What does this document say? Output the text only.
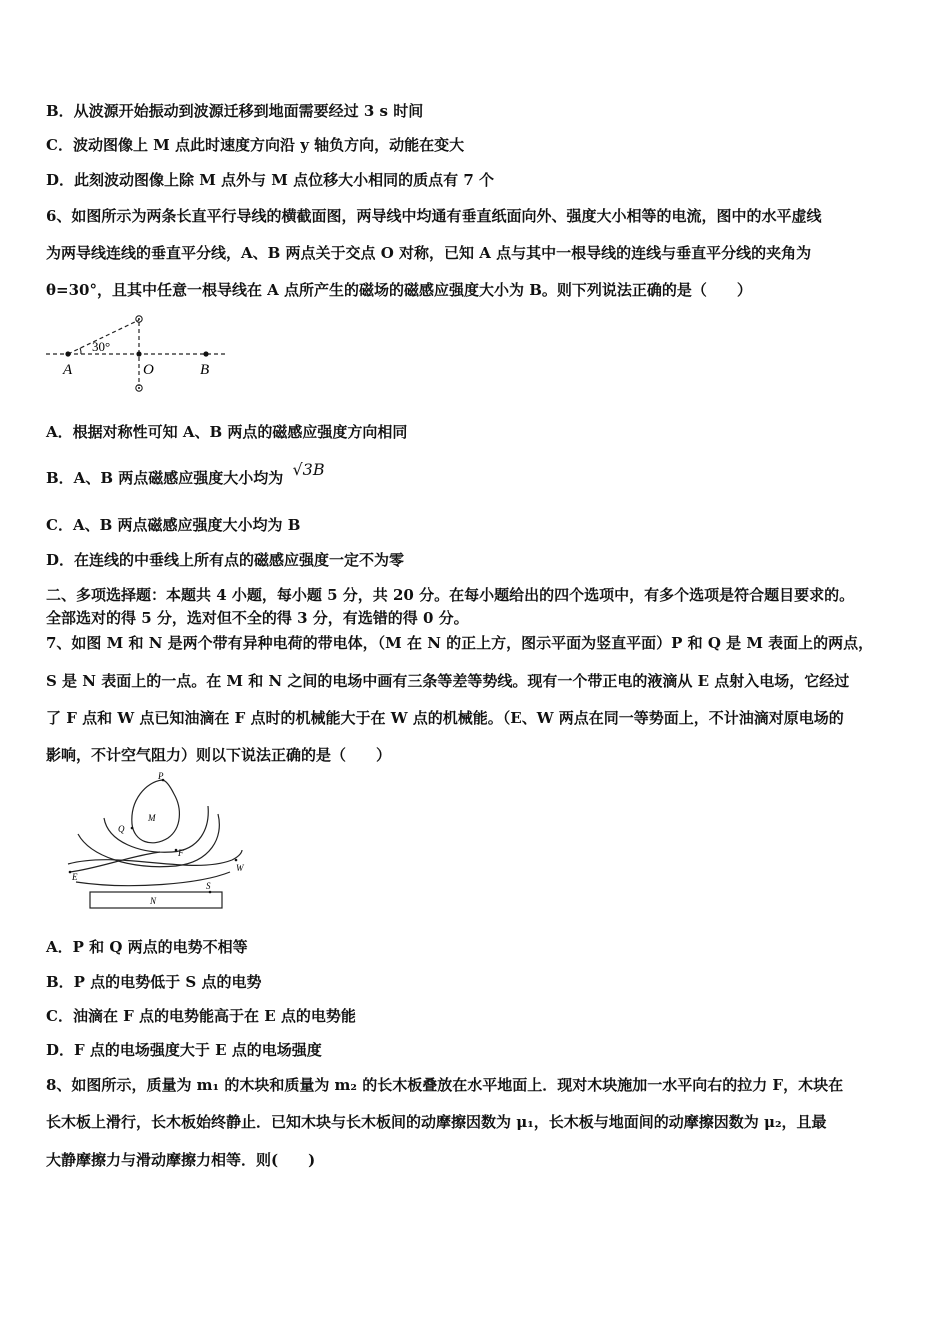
B．从波源开始振动到波源迁移到地面需要经过 3 s 时间
C．波动图像上 M 点此时速度方向沿 y 轴负方向，动能在变大
D．此刻波动图像上除 M 点外与 M 点位移大小相同的质点有 7 个
6、如图所示为两条长直平行导线的横截面图，两导线中均通有垂直纸面向外、强度大小相等的电流，图中的水平虚线
为两导线连线的垂直平分线，A、B 两点关于交点 O 对称，已知 A 点与其中一根导线的连线与垂直平分线的夹角为
θ=30°，且其中任意一根导线在 A 点所产生的磁场的磁感应强度大小为 B。则下列说法正确的是（　　）
30°
A	O	B
A．根据对称性可知 A、B 两点的磁感应强度方向相同
B．A、B 两点磁感应强度大小均为 √3B
C．A、B 两点磁感应强度大小均为 B
D．在连线的中垂线上所有点的磁感应强度一定不为零
二、多项选择题：本题共 4 小题，每小题 5 分，共 20 分。在每小题给出的四个选项中，有多个选项是符合题目要求的。
全部选对的得 5 分，选对但不全的得 3 分，有选错的得 0 分。
7、如图 M 和 N 是两个带有异种电荷的带电体，（M 在 N 的正上方，图示平面为竖直平面）P 和 Q 是 M 表面上的两点，
S 是 N 表面上的一点。在 M 和 N 之间的电场中画有三条等差等势线。现有一个带正电的液滴从 E 点射入电场，它经过
了 F 点和 W 点已知油滴在 F 点时的机械能大于在 W 点的机械能。（E、W 两点在同一等势面上，不计油滴对原电场的
影响，不计空气阻力）则以下说法正确的是（　　）
P
M
Q
F
W
E
S
N
A．P 和 Q 两点的电势不相等
B．P 点的电势低于 S 点的电势
C．油滴在 F 点的电势能高于在 E 点的电势能
D．F 点的电场强度大于 E 点的电场强度
8、如图所示，质量为 m₁ 的木块和质量为 m₂ 的长木板叠放在水平地面上．现对木块施加一水平向右的拉力 F，木块在
长木板上滑行，长木板始终静止．已知木块与长木板间的动摩擦因数为 μ₁，长木板与地面间的动摩擦因数为 μ₂，且最
大静摩擦力与滑动摩擦力相等．则(　　)
